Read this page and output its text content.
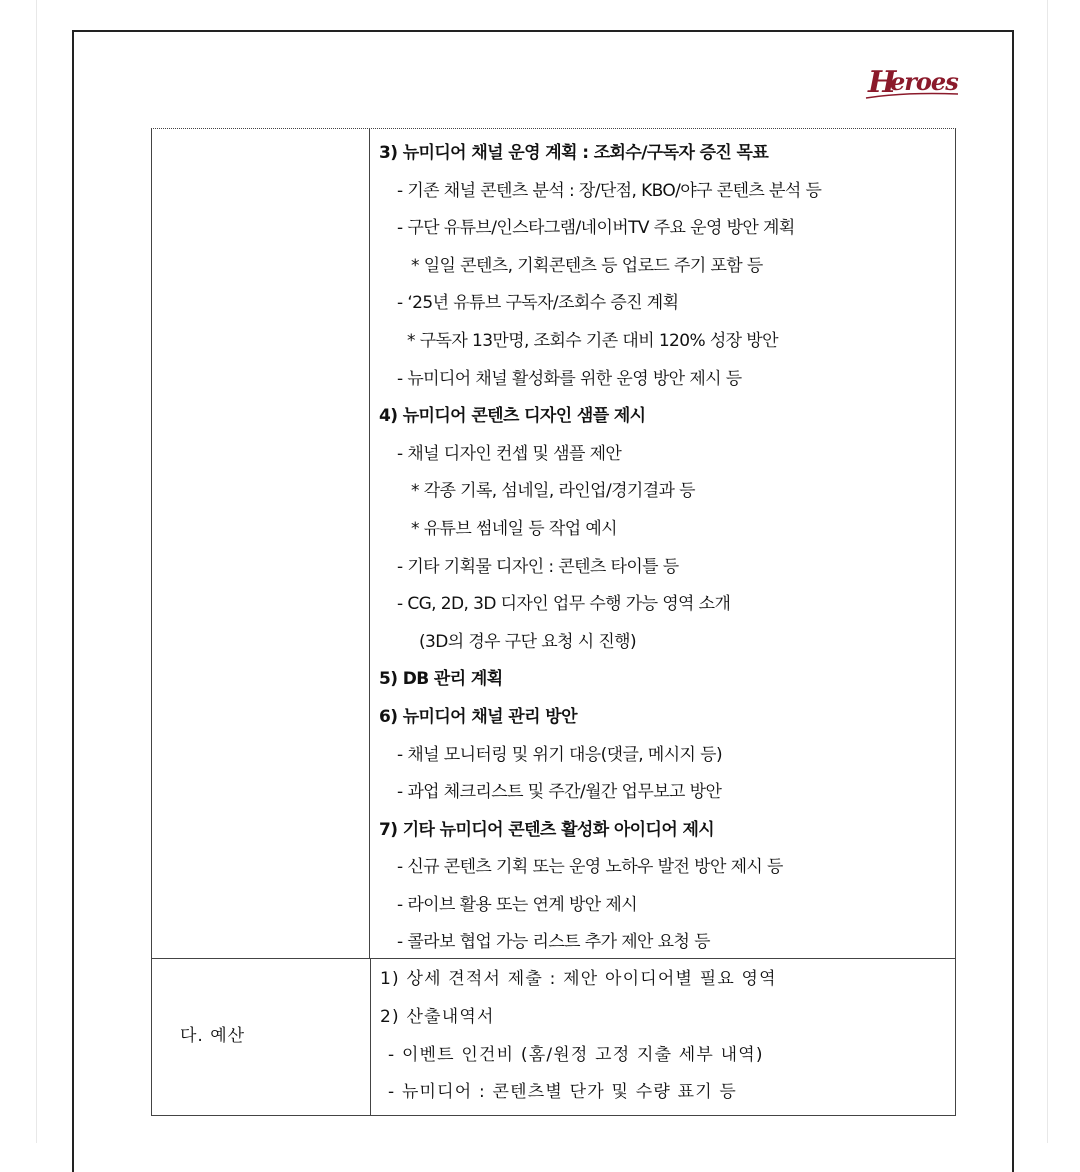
H
eroes
3) 뉴미디어 채널 운영 계획 : 조회수/구독자 증진 목표
- 기존 채널 콘텐츠 분석 : 장/단점, KBO/야구 콘텐츠 분석 등
- 구단 유튜브/인스타그램/네이버TV 주요 운영 방안 계획
* 일일 콘텐츠, 기획콘텐츠 등 업로드 주기 포함 등
- ‘25년 유튜브 구독자/조회수 증진 계획
* 구독자 13만명, 조회수 기존 대비 120% 성장 방안
- 뉴미디어 채널 활성화를 위한 운영 방안 제시 등
4) 뉴미디어 콘텐츠 디자인 샘플 제시
- 채널 디자인 컨셉 및 샘플 제안
* 각종 기록, 섬네일, 라인업/경기결과 등
* 유튜브 썸네일 등 작업 예시
- 기타 기획물 디자인 : 콘텐츠 타이틀 등
- CG, 2D, 3D 디자인 업무 수행 가능 영역 소개
(3D의 경우 구단 요청 시 진행)
5) DB 관리 계획
6) 뉴미디어 채널 관리 방안
- 채널 모니터링 및 위기 대응(댓글, 메시지 등)
- 과업 체크리스트 및 주간/월간 업무보고 방안
7) 기타 뉴미디어 콘텐츠 활성화 아이디어 제시
- 신규 콘텐츠 기획 또는 운영 노하우 발전 방안 제시 등
- 라이브 활용 또는 연계 방안 제시
- 콜라보 협업 가능 리스트 추가 제안 요청 등
다. 예산
1) 상세 견적서 제출 : 제안 아이디어별 필요 영역
2) 산출내역서
- 이벤트 인건비 (홈/원정 고정 지출 세부 내역)
- 뉴미디어 : 콘텐츠별 단가 및 수량 표기 등
